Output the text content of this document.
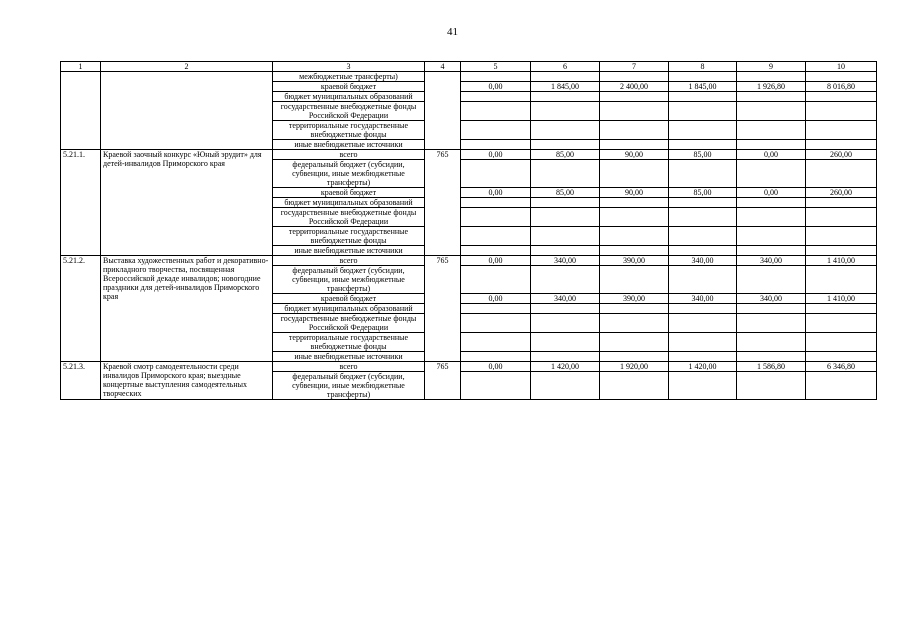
41
1	2	3	4	5	6	7	8	9	10
		межбюджетные трансферты)							
		краевой бюджет		0,00	1 845,00	2 400,00	1 845,00	1 926,80	8 016,80
		бюджет муниципальных образований							
		государственные внебюджетные фонды Российской Федерации							
		территориальные государственные внебюджетные фонды							
		иные внебюджетные источники							
5.21.1.	Краевой заочный конкурс «Юный эрудит» для детей-инвалидов Приморского края	всего	765	0,00	85,00	90,00	85,00	0,00	260,00
		федеральный бюджет (субсидии, субвенции, иные межбюджетные трансферты)							
		краевой бюджет		0,00	85,00	90,00	85,00	0,00	260,00
		бюджет муниципальных образований							
		государственные внебюджетные фонды Российской Федерации							
		территориальные государственные внебюджетные фонды							
		иные внебюджетные источники							
5.21.2.	Выставка художественных работ и декоративно-прикладного творчества, посвященная Всероссийской декаде инвалидов; новогодние праздники для детей-инвалидов Приморского края	всего	765	0,00	340,00	390,00	340,00	340,00	1 410,00
		федеральный бюджет (субсидии, субвенции, иные межбюджетные трансферты)							
		краевой бюджет		0,00	340,00	390,00	340,00	340,00	1 410,00
		бюджет муниципальных образований							
		государственные внебюджетные фонды Российской Федерации							
		территориальные государственные внебюджетные фонды							
		иные внебюджетные источники							
5.21.3.	Краевой смотр самодеятельности среди инвалидов Приморского края; выездные концертные выступления самодеятельных творческих	всего	765	0,00	1 420,00	1 920,00	1 420,00	1 586,80	6 346,80
		федеральный бюджет (субсидии, субвенции, иные межбюджетные трансферты)							
